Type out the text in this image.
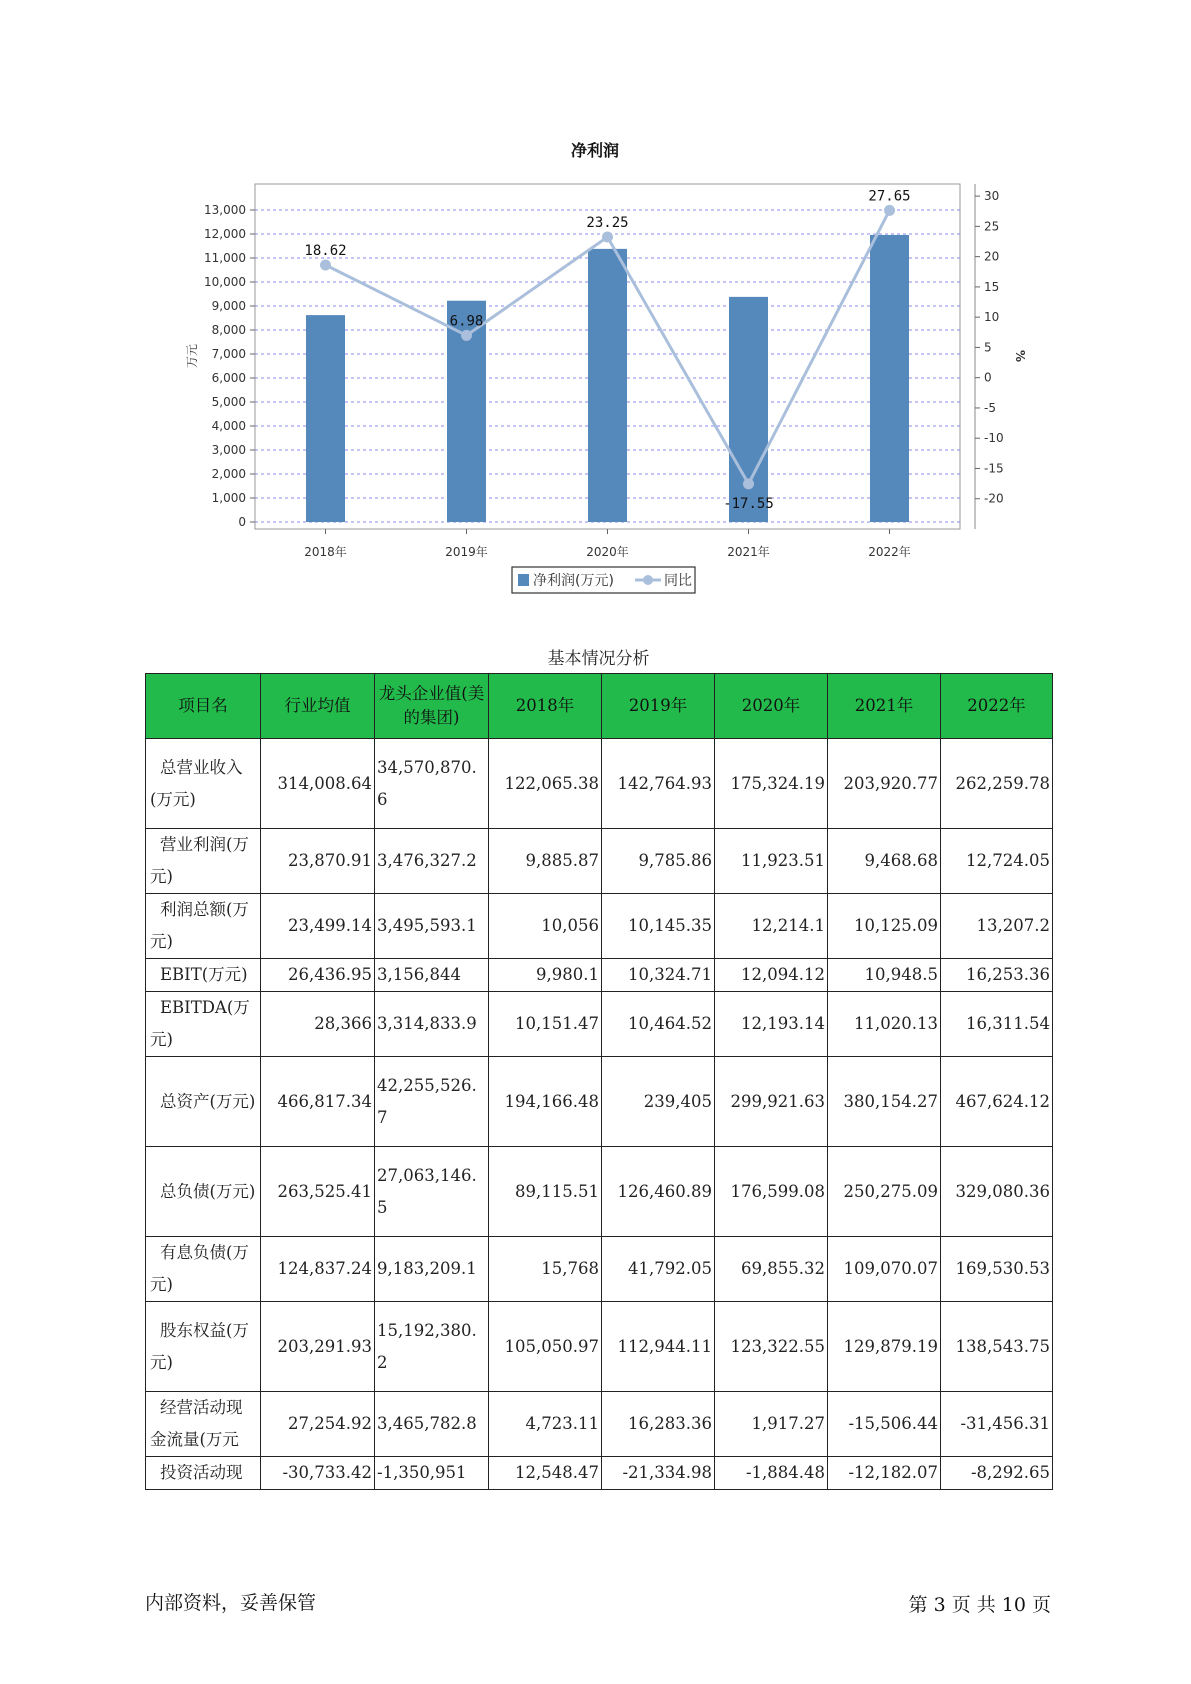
净利润
0
1,000
2,000
3,000
4,000
5,000
6,000
7,000
8,000
9,000
10,000
11,000
12,000
13,000
-20
-15
-10
-5
0
5
10
15
20
25
30
2018年	2019年	2020年	2021年	2022年
18.62
6.98
23.25
-17.55
27.65
万元	%
净利润(万元)	同比
基本情况分析
项目名	行业均值	龙头企业值(美的集团)	2018年	2019年	2020年	2021年	2022年
总营业收入(万元)	314,008.64	34,570,870.6	122,065.38	142,764.93	175,324.19	203,920.77	262,259.78
营业利润(万元)	23,870.91	3,476,327.2	9,885.87	9,785.86	11,923.51	9,468.68	12,724.05
利润总额(万元)	23,499.14	3,495,593.1	10,056	10,145.35	12,214.1	10,125.09	13,207.2
EBIT(万元)	26,436.95	3,156,844	9,980.1	10,324.71	12,094.12	10,948.5	16,253.36
EBITDA(万元)	28,366	3,314,833.9	10,151.47	10,464.52	12,193.14	11,020.13	16,311.54
总资产(万元)	466,817.34	42,255,526.7	194,166.48	239,405	299,921.63	380,154.27	467,624.12
总负债(万元)	263,525.41	27,063,146.5	89,115.51	126,460.89	176,599.08	250,275.09	329,080.36
有息负债(万元)	124,837.24	9,183,209.1	15,768	41,792.05	69,855.32	109,070.07	169,530.53
股东权益(万元)	203,291.93	15,192,380.2	105,050.97	112,944.11	123,322.55	129,879.19	138,543.75
经营活动现金流量(万元	27,254.92	3,465,782.8	4,723.11	16,283.36	1,917.27	-15,506.44	-31,456.31
投资活动现	-30,733.42	-1,350,951	12,548.47	-21,334.98	-1,884.48	-12,182.07	-8,292.65
内部资料，妥善保管	第 3 页 共 10 页
